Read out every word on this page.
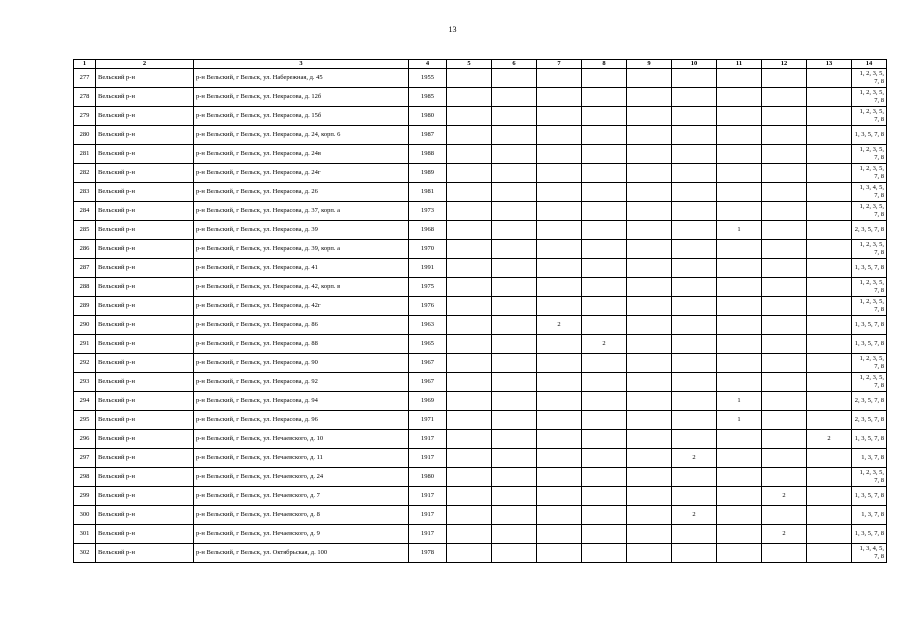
13
1	2	3	4	5	6	7	8	9	10	11	12	13	14
277	Вельский р-н	р-н Вельский, г Вельск, ул. Набережная, д. 45	1955										1, 2, 3, 5, 7, 8
278	Вельский р-н	р-н Вельский, г Вельск, ул. Некрасова, д. 12б	1985										1, 2, 3, 5, 7, 8
279	Вельский р-н	р-н Вельский, г Вельск, ул. Некрасова, д. 15б	1980										1, 2, 3, 5, 7, 8
280	Вельский р-н	р-н Вельский, г Вельск, ул. Некрасова, д. 24, корп. 6	1987										1, 3, 5, 7, 8
281	Вельский р-н	р-н Вельский, г Вельск, ул. Некрасова, д. 24в	1988										1, 2, 3, 5, 7, 8
282	Вельский р-н	р-н Вельский, г Вельск, ул. Некрасова, д. 24г	1989										1, 2, 3, 5, 7, 8
283	Вельский р-н	р-н Вельский, г Вельск, ул. Некрасова, д. 26	1981										1, 3, 4, 5, 7, 8
284	Вельский р-н	р-н Вельский, г Вельск, ул. Некрасова, д. 37, корп. а	1973										1, 2, 3, 5, 7, 8
285	Вельский р-н	р-н Вельский, г Вельск, ул. Некрасова, д. 39	1968							1			2, 3, 5, 7, 8
286	Вельский р-н	р-н Вельский, г Вельск, ул. Некрасова, д. 39, корп. а	1970										1, 2, 3, 5, 7, 8
287	Вельский р-н	р-н Вельский, г Вельск, ул. Некрасова, д. 41	1991										1, 3, 5, 7, 8
288	Вельский р-н	р-н Вельский, г Вельск, ул. Некрасова, д. 42, корп. в	1975										1, 2, 3, 5, 7, 8
289	Вельский р-н	р-н Вельский, г Вельск, ул. Некрасова, д. 42г	1976										1, 2, 3, 5, 7, 8
290	Вельский р-н	р-н Вельский, г Вельск, ул. Некрасова, д. 86	1963			2							1, 3, 5, 7, 8
291	Вельский р-н	р-н Вельский, г Вельск, ул. Некрасова, д. 88	1965				2						1, 3, 5, 7, 8
292	Вельский р-н	р-н Вельский, г Вельск, ул. Некрасова, д. 90	1967										1, 2, 3, 5, 7, 8
293	Вельский р-н	р-н Вельский, г Вельск, ул. Некрасова, д. 92	1967										1, 2, 3, 5, 7, 8
294	Вельский р-н	р-н Вельский, г Вельск, ул. Некрасова, д. 94	1969							1			2, 3, 5, 7, 8
295	Вельский р-н	р-н Вельский, г Вельск, ул. Некрасова, д. 96	1971							1			2, 3, 5, 7, 8
296	Вельский р-н	р-н Вельский, г Вельск, ул. Нечаевского, д. 10	1917									2	1, 3, 5, 7, 8
297	Вельский р-н	р-н Вельский, г Вельск, ул. Нечаевского, д. 11	1917						2				1, 3, 7, 8
298	Вельский р-н	р-н Вельский, г Вельск, ул. Нечаевского, д. 24	1980										1, 2, 3, 5, 7, 8
299	Вельский р-н	р-н Вельский, г Вельск, ул. Нечаевского, д. 7	1917								2		1, 3, 5, 7, 8
300	Вельский р-н	р-н Вельский, г Вельск, ул. Нечаевского, д. 8	1917						2				1, 3, 7, 8
301	Вельский р-н	р-н Вельский, г Вельск, ул. Нечаевского, д. 9	1917								2		1, 3, 5, 7, 8
302	Вельский р-н	р-н Вельский, г Вельск, ул. Октябрьская, д. 100	1978										1, 3, 4, 5, 7, 8
